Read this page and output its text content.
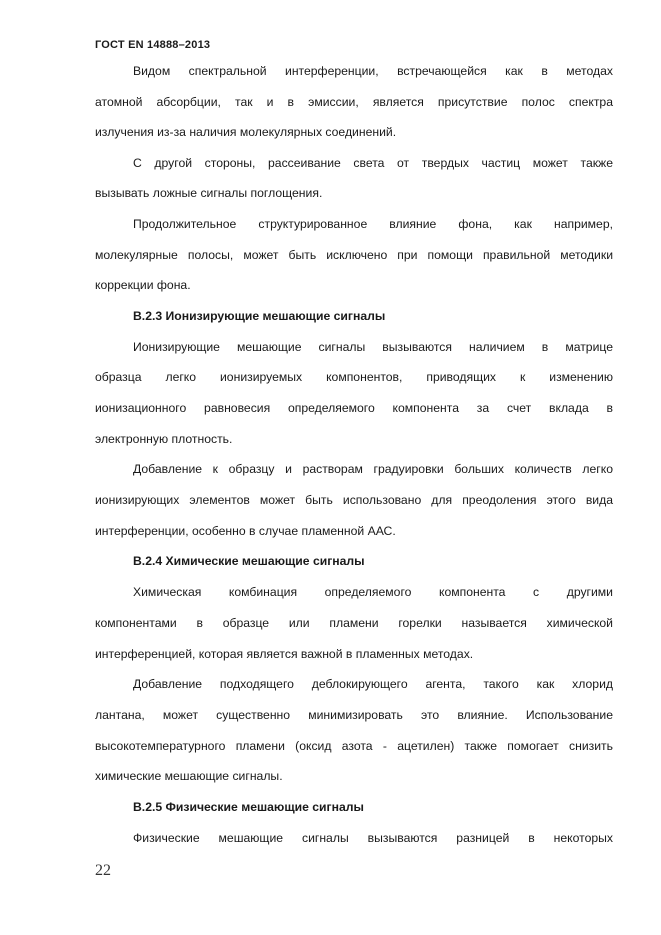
ГОСТ EN 14888–2013
Видом спектральной интерференции, встречающейся как в методах
атомной абсорбции, так и в эмиссии, является присутствие полос спектра
излучения из-за наличия молекулярных соединений.
С другой стороны, рассеивание света от твердых частиц может также
вызывать ложные сигналы поглощения.
Продолжительное структурированное влияние фона, как например,
молекулярные полосы, может быть исключено при помощи правильной методики
коррекции фона.
B.2.3 Ионизирующие мешающие сигналы
Ионизирующие мешающие сигналы вызываются наличием в матрице
образца легко ионизируемых компонентов, приводящих к изменению
ионизационного равновесия определяемого компонента за счет вклада в
электронную плотность.
Добавление к образцу и растворам градуировки больших количеств легко
ионизирующих элементов может быть использовано для преодоления этого вида
интерференции, особенно в случае пламенной ААС.
B.2.4 Химические мешающие сигналы
Химическая комбинация определяемого компонента с другими
компонентами в образце или пламени горелки называется химической
интерференцией, которая является важной в пламенных методах.
Добавление подходящего деблокирующего агента, такого как хлорид
лантана, может существенно минимизировать это влияние. Использование
высокотемпературного пламени (оксид азота - ацетилен) также помогает снизить
химические мешающие сигналы.
B.2.5 Физические мешающие сигналы
Физические мешающие сигналы вызываются разницей в некоторых
22
